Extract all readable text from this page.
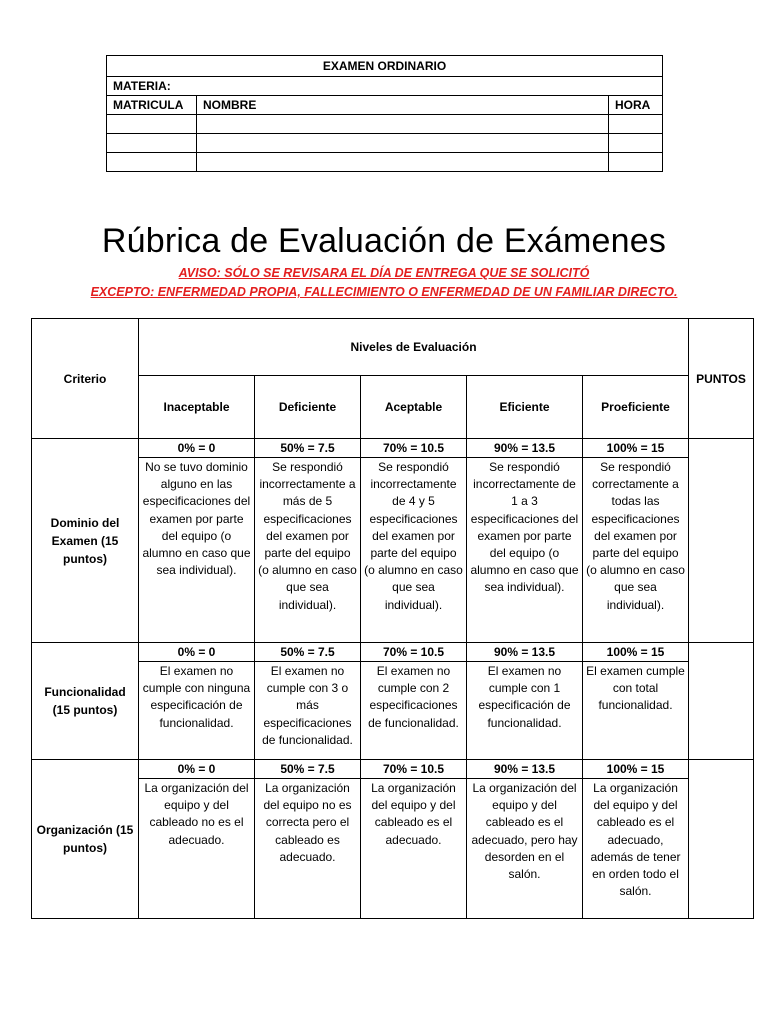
EXAMEN ORDINARIO		
MATERIA:		
MATRICULA	NOMBRE	HORA

Rúbrica de Evaluación de Exámenes
AVISO: SÓLO SE REVISARA EL DÍA DE ENTREGA QUE SE SOLICITÓ
EXCEPTO: ENFERMEDAD PROPIA, FALLECIMIENTO O ENFERMEDAD DE UN FAMILIAR DIRECTO.
Criterio	Niveles de Evaluación					PUNTOS
	Inaceptable	Deficiente	Aceptable	Eficiente	Proeficiente	
Dominio del Examen (15 puntos)	0% = 0	50% = 7.5	70% = 10.5	90% = 13.5	100% = 15	
	No se tuvo dominio alguno en las especificaciones del examen por parte del equipo (o alumno en caso que sea individual).	Se respondió incorrectamente a más de 5 especificaciones del examen por parte del equipo (o alumno en caso que sea individual).	Se respondió incorrectamente de 4 y 5 especificaciones del examen por parte del equipo (o alumno en caso que sea individual).	Se respondió incorrectamente de 1 a 3 especificaciones del examen por parte del equipo (o alumno en caso que sea individual).	Se respondió correctamente a todas las especificaciones del examen por parte del equipo (o alumno en caso que sea individual).	
Funcionalidad (15 puntos)	0% = 0	50% = 7.5	70% = 10.5	90% = 13.5	100% = 15	
	El examen no cumple con ninguna especificación de funcionalidad.	El examen no cumple con 3 o más especificaciones de funcionalidad.	El examen no cumple con 2 especificaciones de funcionalidad.	El examen no cumple con 1 especificación de funcionalidad.	El examen cumple con total funcionalidad.	
Organización (15 puntos)	0% = 0	50% = 7.5	70% = 10.5	90% = 13.5	100% = 15	
	La organización del equipo y del cableado no es el adecuado.	La organización del equipo no es correcta pero el cableado es adecuado.	La organización del equipo y del cableado es el adecuado.	La organización del equipo y del cableado es el adecuado, pero hay desorden en el salón.	La organización del equipo y del cableado es el adecuado, además de tener en orden todo el salón.	
